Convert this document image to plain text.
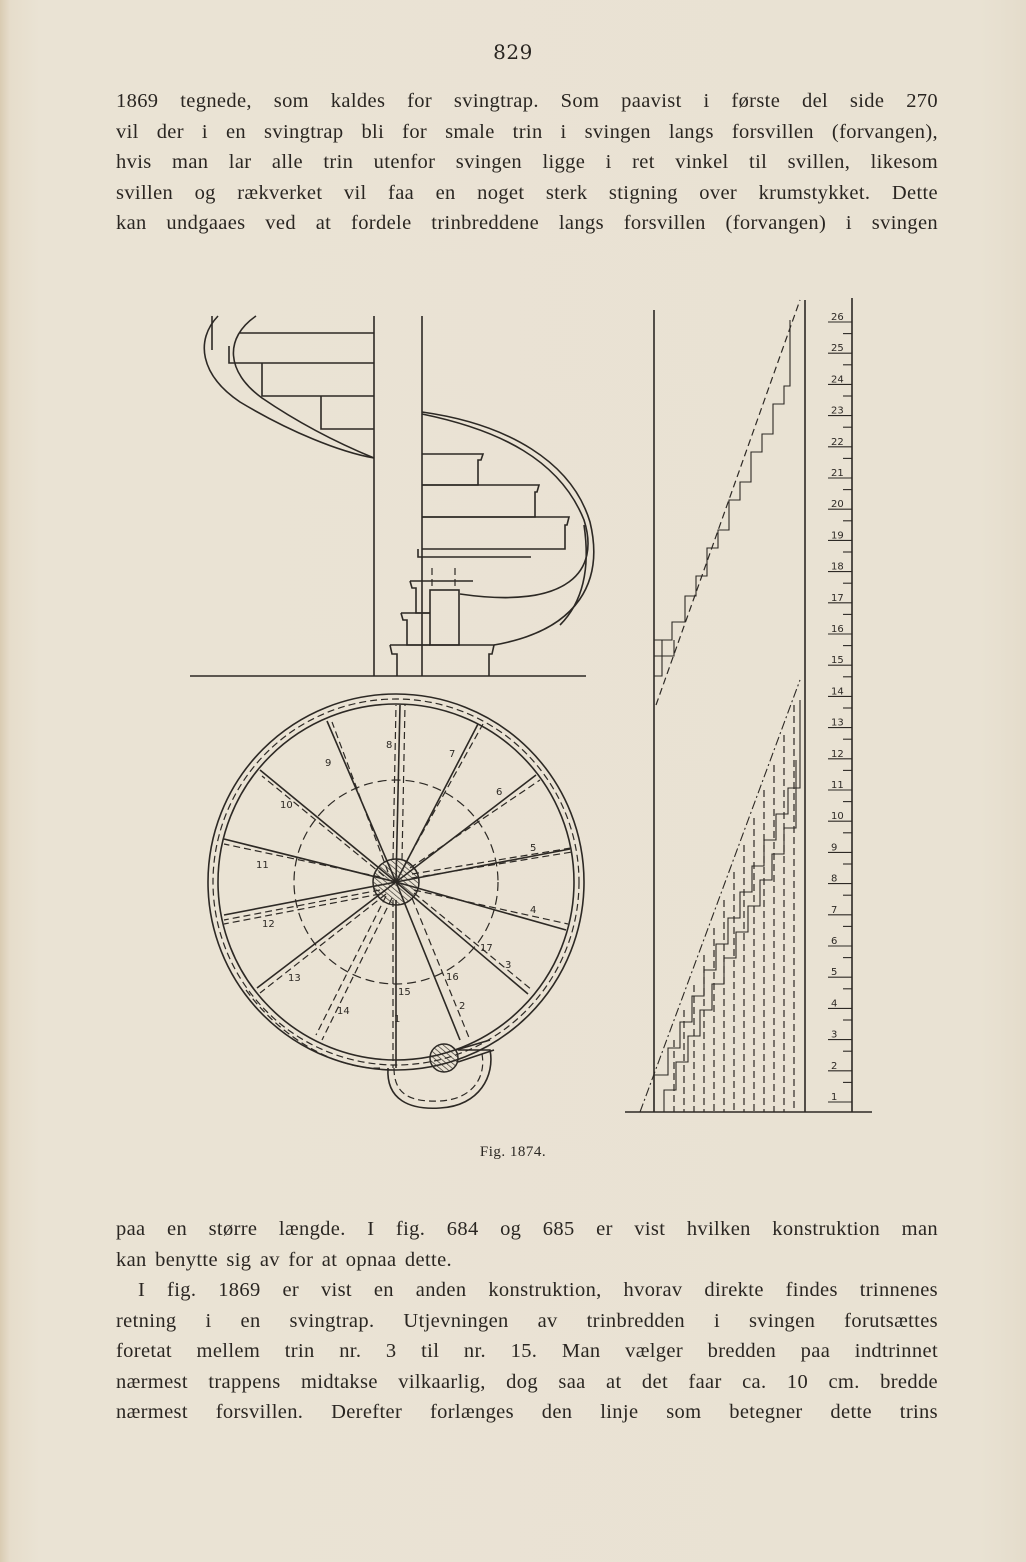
829
1869 tegnede, som kaldes for svingtrap. Som paavist i første del side 270
vil der i en svingtrap bli for smale trin i svingen langs forsvillen (forvangen),
hvis man lar alle trin utenfor svingen ligge i ret vinkel til svillen, likesom
svillen og rækverket vil faa en noget sterk stigning over krumstykket. Dette
kan undgaaes ved at fordele trinbreddene langs forsvillen (forvangen) i svingen
1
2
3
4
5
6
7
8
9
10
11
12
13
14
15
16
17
26
25
24
23
22
21
20
19
18
17
16
15
14
13
12
11
10
9
8
7
6
5
4
3
2
1
Fig. 1874.
paa en større længde. I fig. 684 og 685 er vist hvilken konstruktion man
kan benytte sig av for at opnaa dette.
I fig. 1869 er vist en anden konstruktion, hvorav direkte findes trinnenes
retning i en svingtrap. Utjevningen av trinbredden i svingen forutsættes
foretat mellem trin nr. 3 til nr. 15. Man vælger bredden paa indtrinnet
nærmest trappens midtakse vilkaarlig, dog saa at det faar ca. 10 cm. bredde
nærmest forsvillen. Derefter forlænges den linje som betegner dette trins
